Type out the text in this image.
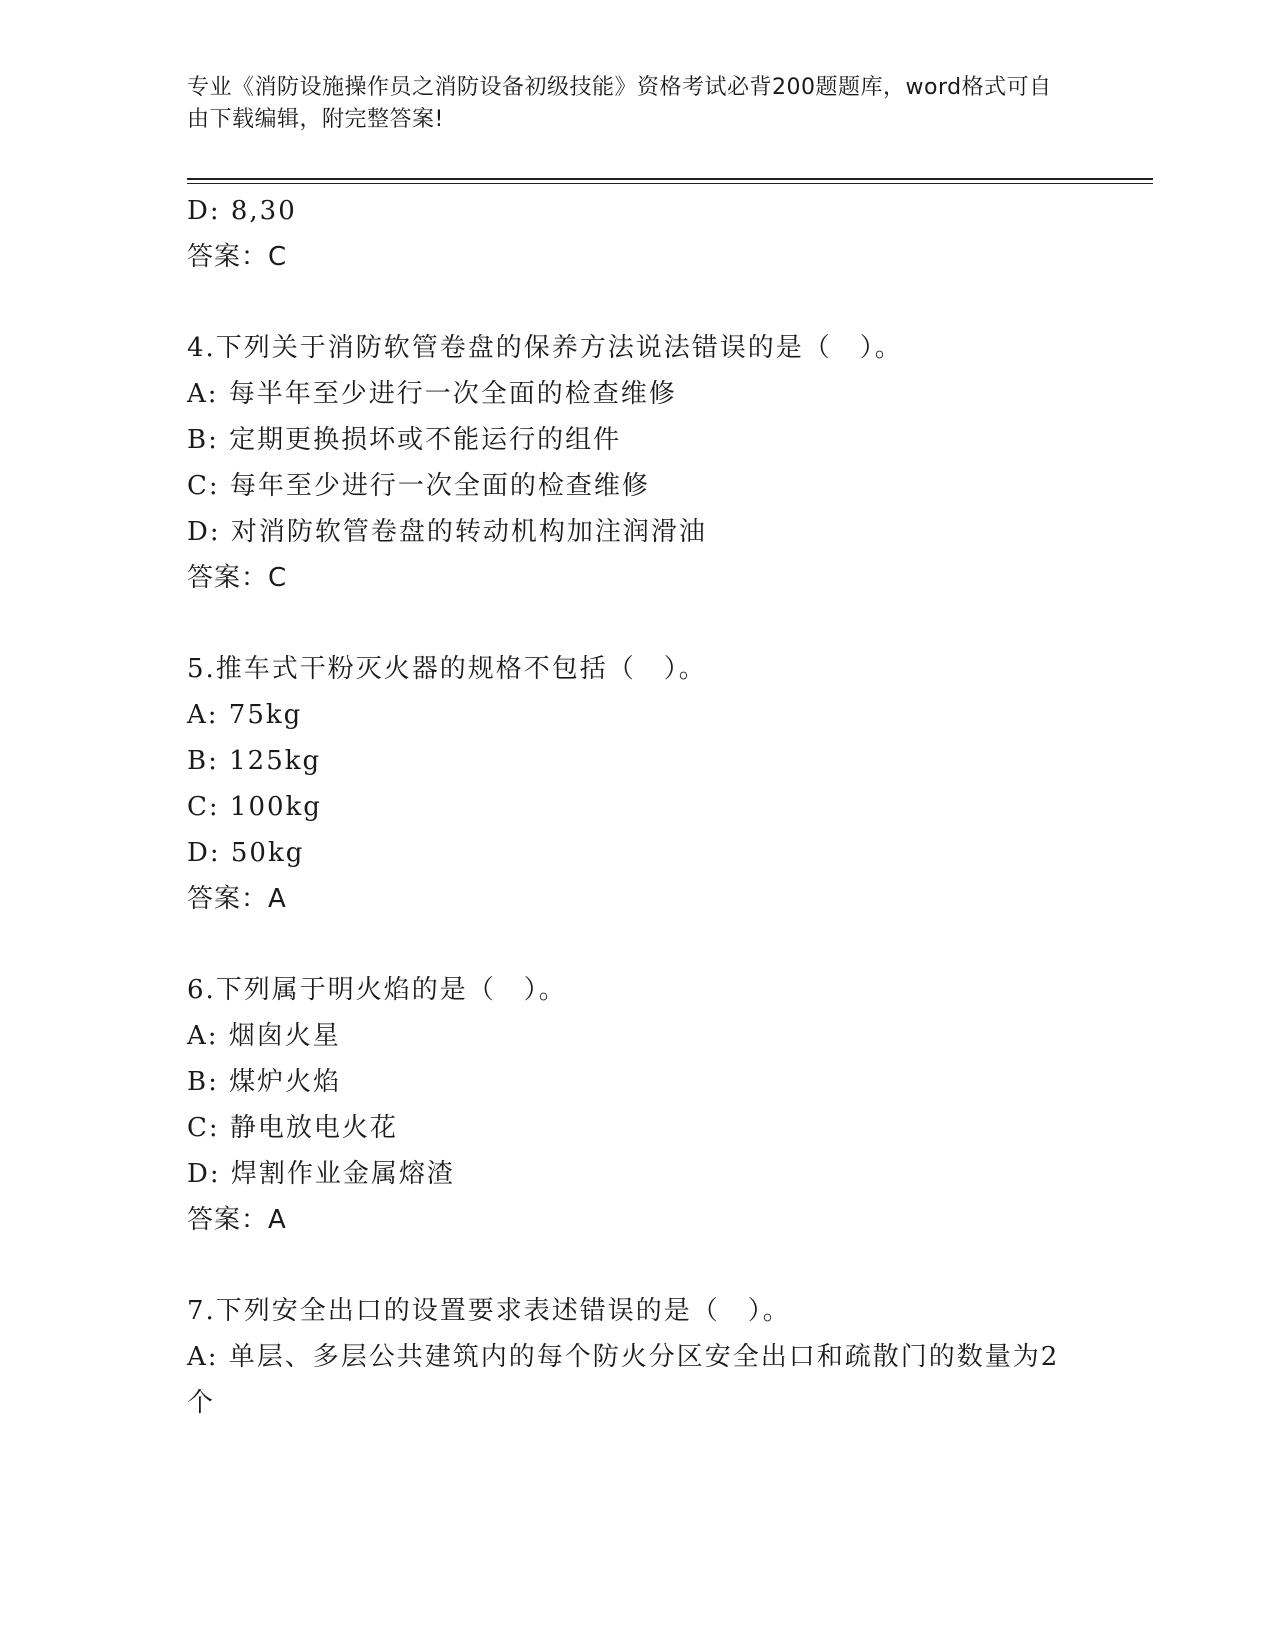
专业《消防设施操作员之消防设备初级技能》资格考试必背200题题库，word格式可自由下载编辑，附完整答案!
D: 8,30
答案：C
4.下列关于消防软管卷盘的保养方法说法错误的是（　）。
A: 每半年至少进行一次全面的检查维修
B: 定期更换损坏或不能运行的组件
C: 每年至少进行一次全面的检查维修
D: 对消防软管卷盘的转动机构加注润滑油
答案：C
5.推车式干粉灭火器的规格不包括（　）。
A: 75kg
B: 125kg
C: 100kg
D: 50kg
答案：A
6.下列属于明火焰的是（　）。
A: 烟囱火星
B: 煤炉火焰
C: 静电放电火花
D: 焊割作业金属熔渣
答案：A
7.下列安全出口的设置要求表述错误的是（　）。
A: 单层、多层公共建筑内的每个防火分区安全出口和疏散门的数量为2个
